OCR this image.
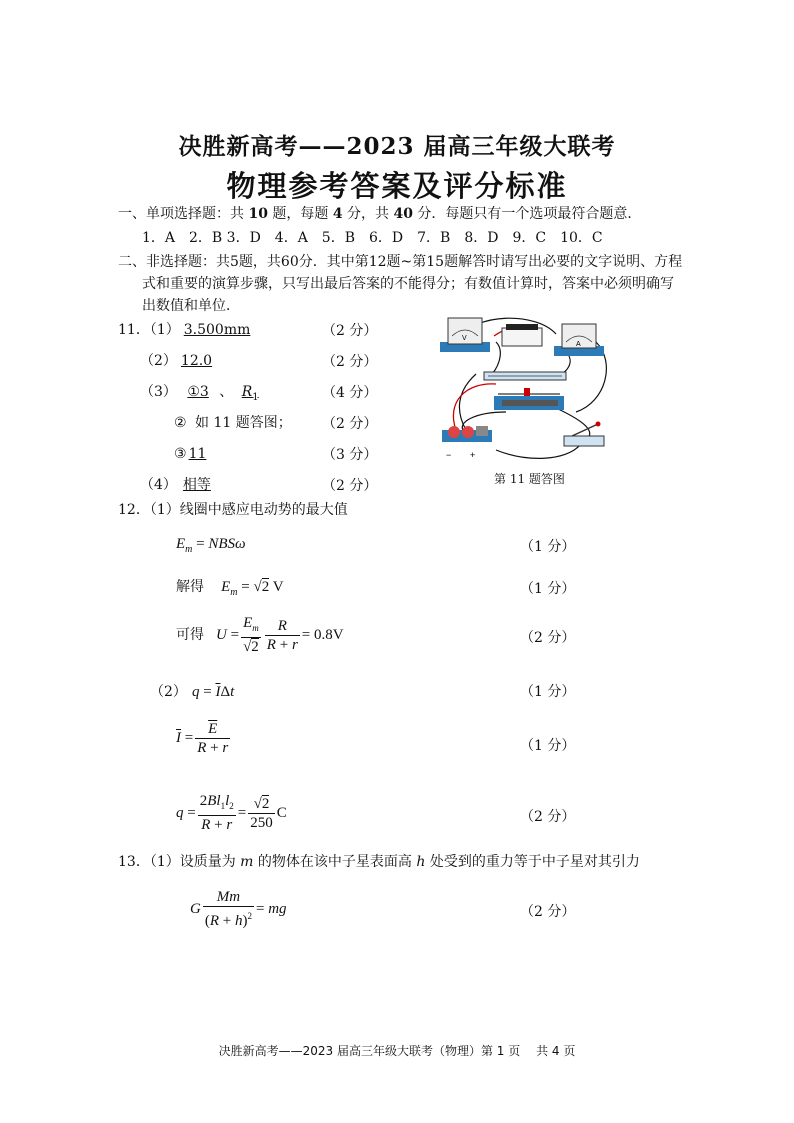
决胜新高考——2023 届高三年级大联考
物理参考答案及评分标准
一、单项选择题：共 10 题，每题 4 分，共 40 分．每题只有一个选项最符合题意．
1．A　2．B 3．D　4．A　5．B　6．D　7．B　8．D　9．C　10．C
二、非选择题：共5题，共60分．其中第12题~第15题解答时请写出必要的文字说明、方程
式和重要的演算步骤，只写出最后答案的不能得分；有数值计算时，答案中必须明确写
出数值和单位．
11．（1） 3.500mm	（2 分）
（2） 12.0	（2 分）
（3） ①3 、 $R_1$	（4 分）
② 如 11 题答图； （2 分）
③ 11	（3 分）
（4） 相等	（2 分）
V
A
− +
第 11 题答图
12．（1）线圈中感应电动势的最大值
$E_m = NBS\omega$	（1 分）
解得 $E_m = √2$ V	（1 分）
可得 $U = \frac{E_m}{√2} \frac{R}{R + r} = 0.8V$	（2 分）
（2） $q = \overline{I}\Delta t$	（1 分）
$\overline{I} = \frac{\overline{E}}{R + r}$	（1 分）
$q = \frac{2Bl_1l_2}{R + r} = \frac{√2}{250}$ C	（2 分）
13．（1）设质量为 m 的物体在该中子星表面高 h 处受到的重力等于中子星对其引力
G $\frac{Mm}{(R + h)^2}$ = mg	（2 分）
决胜新高考——2023 届高三年级大联考（物理）第 1 页　 共 4 页
